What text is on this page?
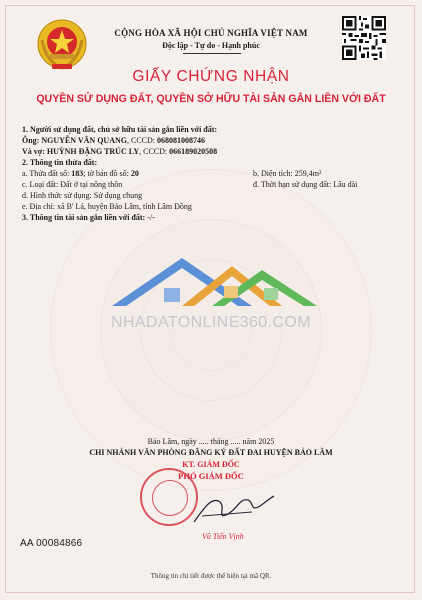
CỘNG HÒA XÃ HỘI CHỦ NGHĨA VIỆT NAM
Độc lập - Tự do - Hạnh phúc
GIẤY CHỨNG NHẬN
QUYỀN SỬ DỤNG ĐẤT, QUYỀN SỞ HỮU TÀI SẢN GẮN LIỀN VỚI ĐẤT
1. Người sử dụng đất, chủ sở hữu tài sản gắn liền với đất:
Ông: NGUYỄN VĂN QUANG, CCCD: 068081008746
Và vợ: HUỲNH ĐẶNG TRÚC LY, CCCD: 066189020508
2. Thông tin thửa đất:
a. Thửa đất số: 183; tờ bản đồ số: 20	b. Diện tích: 259,4m²
c. Loại đất: Đất ở tại nông thôn	đ. Thời hạn sử dụng đất: Lâu dài
d. Hình thức sử dụng: Sử dụng chung
e. Địa chỉ: xã B' Lá, huyện Bảo Lâm, tỉnh Lâm Đồng
3. Thông tin tài sản gắn liền với đất: -/-
NHADATONLINE360.COM
Bảo Lâm, ngày ..... tháng ..... năm 2025
CHI NHÁNH VĂN PHÒNG ĐĂNG KÝ ĐẤT ĐAI HUYỆN BẢO LÂM
KT. GIÁM ĐỐC
PHÓ GIÁM ĐỐC
Vũ Tiến Vịnh
AA 00084866
Thông tin chi tiết được thể hiện tại mã QR.
